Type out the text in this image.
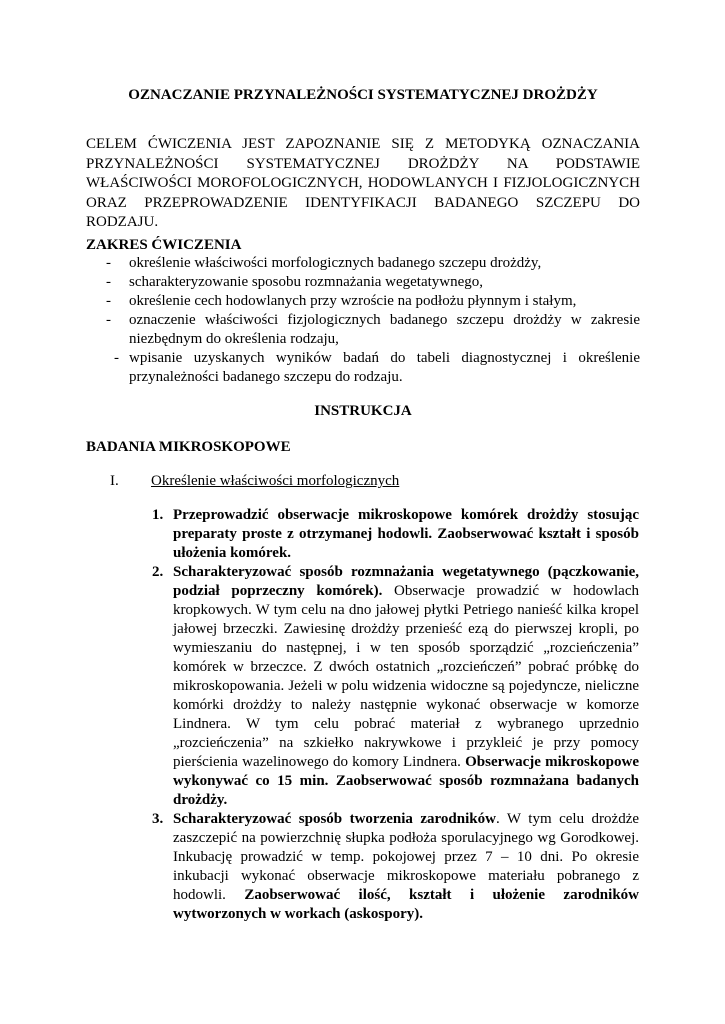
OZNACZANIE PRZYNALEŻNOŚCI SYSTEMATYCZNEJ DROŻDŻY

CELEM ĆWICZENIA JEST ZAPOZNANIE SIĘ Z METODYKĄ OZNACZANIA PRZYNALEŻNOŚCI SYSTEMATYCZNEJ DROŻDŻY NA PODSTAWIE WŁAŚCIWOŚCI MOROFOLOGICZNYCH, HODOWLANYCH I FIZJOLOGICZNYCH ORAZ PRZEPROWADZENIE IDENTYFIKACJI BADANEGO SZCZEPU DO RODZAJU.

ZAKRES ĆWICZENIA
- określenie właściwości morfologicznych badanego szczepu drożdży,
- scharakteryzowanie sposobu rozmnażania wegetatywnego,
- określenie cech hodowlanych przy wzroście na podłożu płynnym i stałym,
- oznaczenie właściwości fizjologicznych badanego szczepu drożdży w zakresie niezbędnym do określenia rodzaju,
- wpisanie uzyskanych wyników badań do tabeli diagnostycznej i określenie przynależności badanego szczepu do rodzaju.
INSTRUKCJA
BADANIA MIKROSKOPOWE
I. Określenie właściwości morfologicznych
1. Przeprowadzić obserwacje mikroskopowe komórek drożdży stosując preparaty proste z otrzymanej hodowli. Zaobserwować kształt i sposób ułożenia komórek.
2. Scharakteryzować sposób rozmnażania wegetatywnego (pączkowanie, podział poprzeczny komórek). Obserwacje prowadzić w hodowlach kropkowych. W tym celu na dno jałowej płytki Petriego nanieść kilka kropel jałowej brzeczki. Zawiesinę drożdży przenieść ezą do pierwszej kropli, po wymieszaniu do następnej, i w ten sposób sporządzić „rozcieńczenia” komórek w brzeczce. Z dwóch ostatnich „rozcieńczeń” pobrać próbkę do mikroskopowania. Jeżeli w polu widzenia widoczne są pojedyncze, nieliczne komórki drożdży to należy następnie wykonać obserwacje w komorze Lindnera. W tym celu pobrać materiał z wybranego uprzednio „rozcieńczenia” na szkiełko nakrywkowe i przykleić je przy pomocy pierścienia wazelinowego do komory Lindnera. Obserwacje mikroskopowe wykonywać co 15 min. Zaobserwować sposób rozmnażana badanych drożdży.
3. Scharakteryzować sposób tworzenia zarodników. W tym celu drożdże zaszczepić na powierzchnię słupka podłoża sporulacyjnego wg Gorodkowej. Inkubację prowadzić w temp. pokojowej przez 7 – 10 dni. Po okresie inkubacji wykonać obserwacje mikroskopowe materiału pobranego z hodowli. Zaobserwować ilość, kształt i ułożenie zarodników wytworzonych w workach (askospory).
